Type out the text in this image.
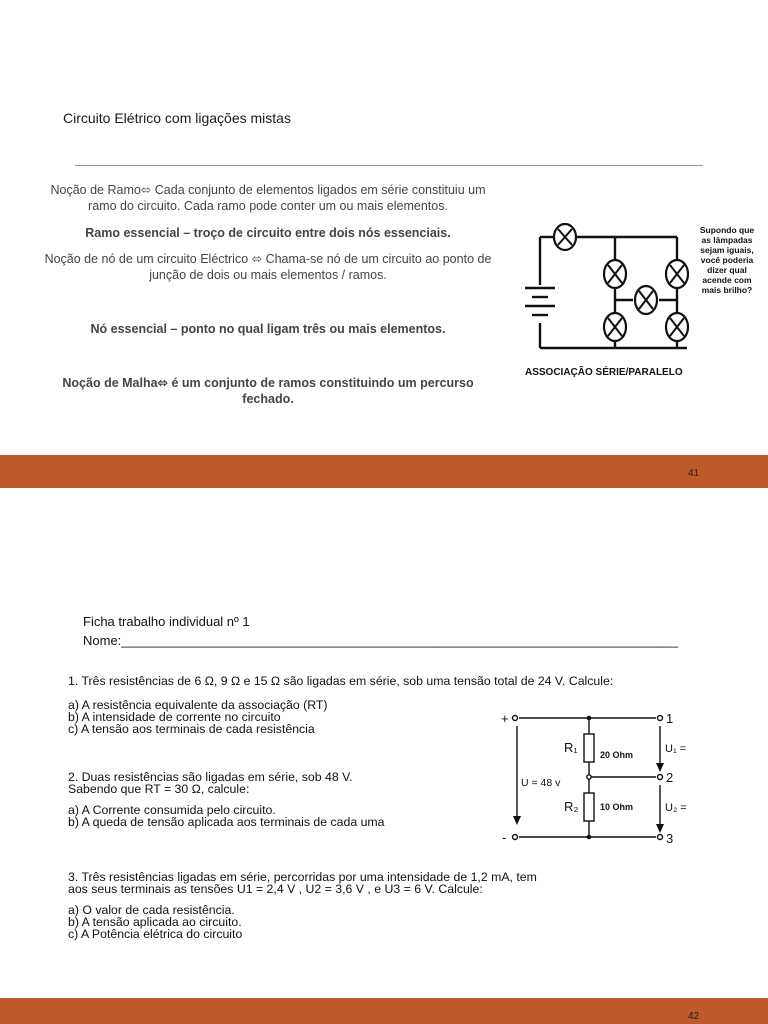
Circuito Elétrico com ligações mistas
Noção de Ramo⬄ Cada conjunto de elementos ligados em série constituiu um
ramo do circuito. Cada ramo pode conter um ou mais elementos.
Ramo essencial – troço de circuito entre dois nós essenciais.
Noção de nó de um circuito Eléctrico ⬄ Chama-se nó de um circuito ao ponto de
junção de dois ou mais elementos / ramos.
Nó essencial – ponto no qual ligam três ou mais elementos.
Noção de Malha⬄ é um conjunto de ramos constituindo um percurso
fechado.
Supondo que
as lâmpadas
sejam iguais,
você poderia
dizer qual
acende com
mais brilho?
ASSOCIAÇÃO SÉRIE/PARALELO
41
Ficha trabalho individual nº 1
Nome:_____________________________________________________________________________
1. Três resistências de 6 Ω, 9 Ω e 15 Ω são ligadas em série, sob uma tensão total de 24 V. Calcule:
a) A resistência equivalente da associação (RT)
b) A intensidade de corrente no circuito
c) A tensão aos terminais de cada resistência
2. Duas resistências são ligadas em série, sob 48 V.
Sabendo que RT = 30 Ω, calcule:
a) A Corrente consumida pelo circuito.
b) A queda de tensão aplicada aos terminais de cada uma
3. Três resistências ligadas em série, percorridas por uma intensidade de 1,2 mA, tem
aos seus terminais as tensões U1 = 2,4 V , U2 = 3,6 V , e U3 = 6 V. Calcule:
a) O valor de cada resistência.
b) A tensão aplicada ao circuito.
c) A Potência elétrica do circuito
+
-
1
2
3
R₁
R₂
U₁ =
U₂ =
U = 48 v
20 Ohm
10 Ohm
42
